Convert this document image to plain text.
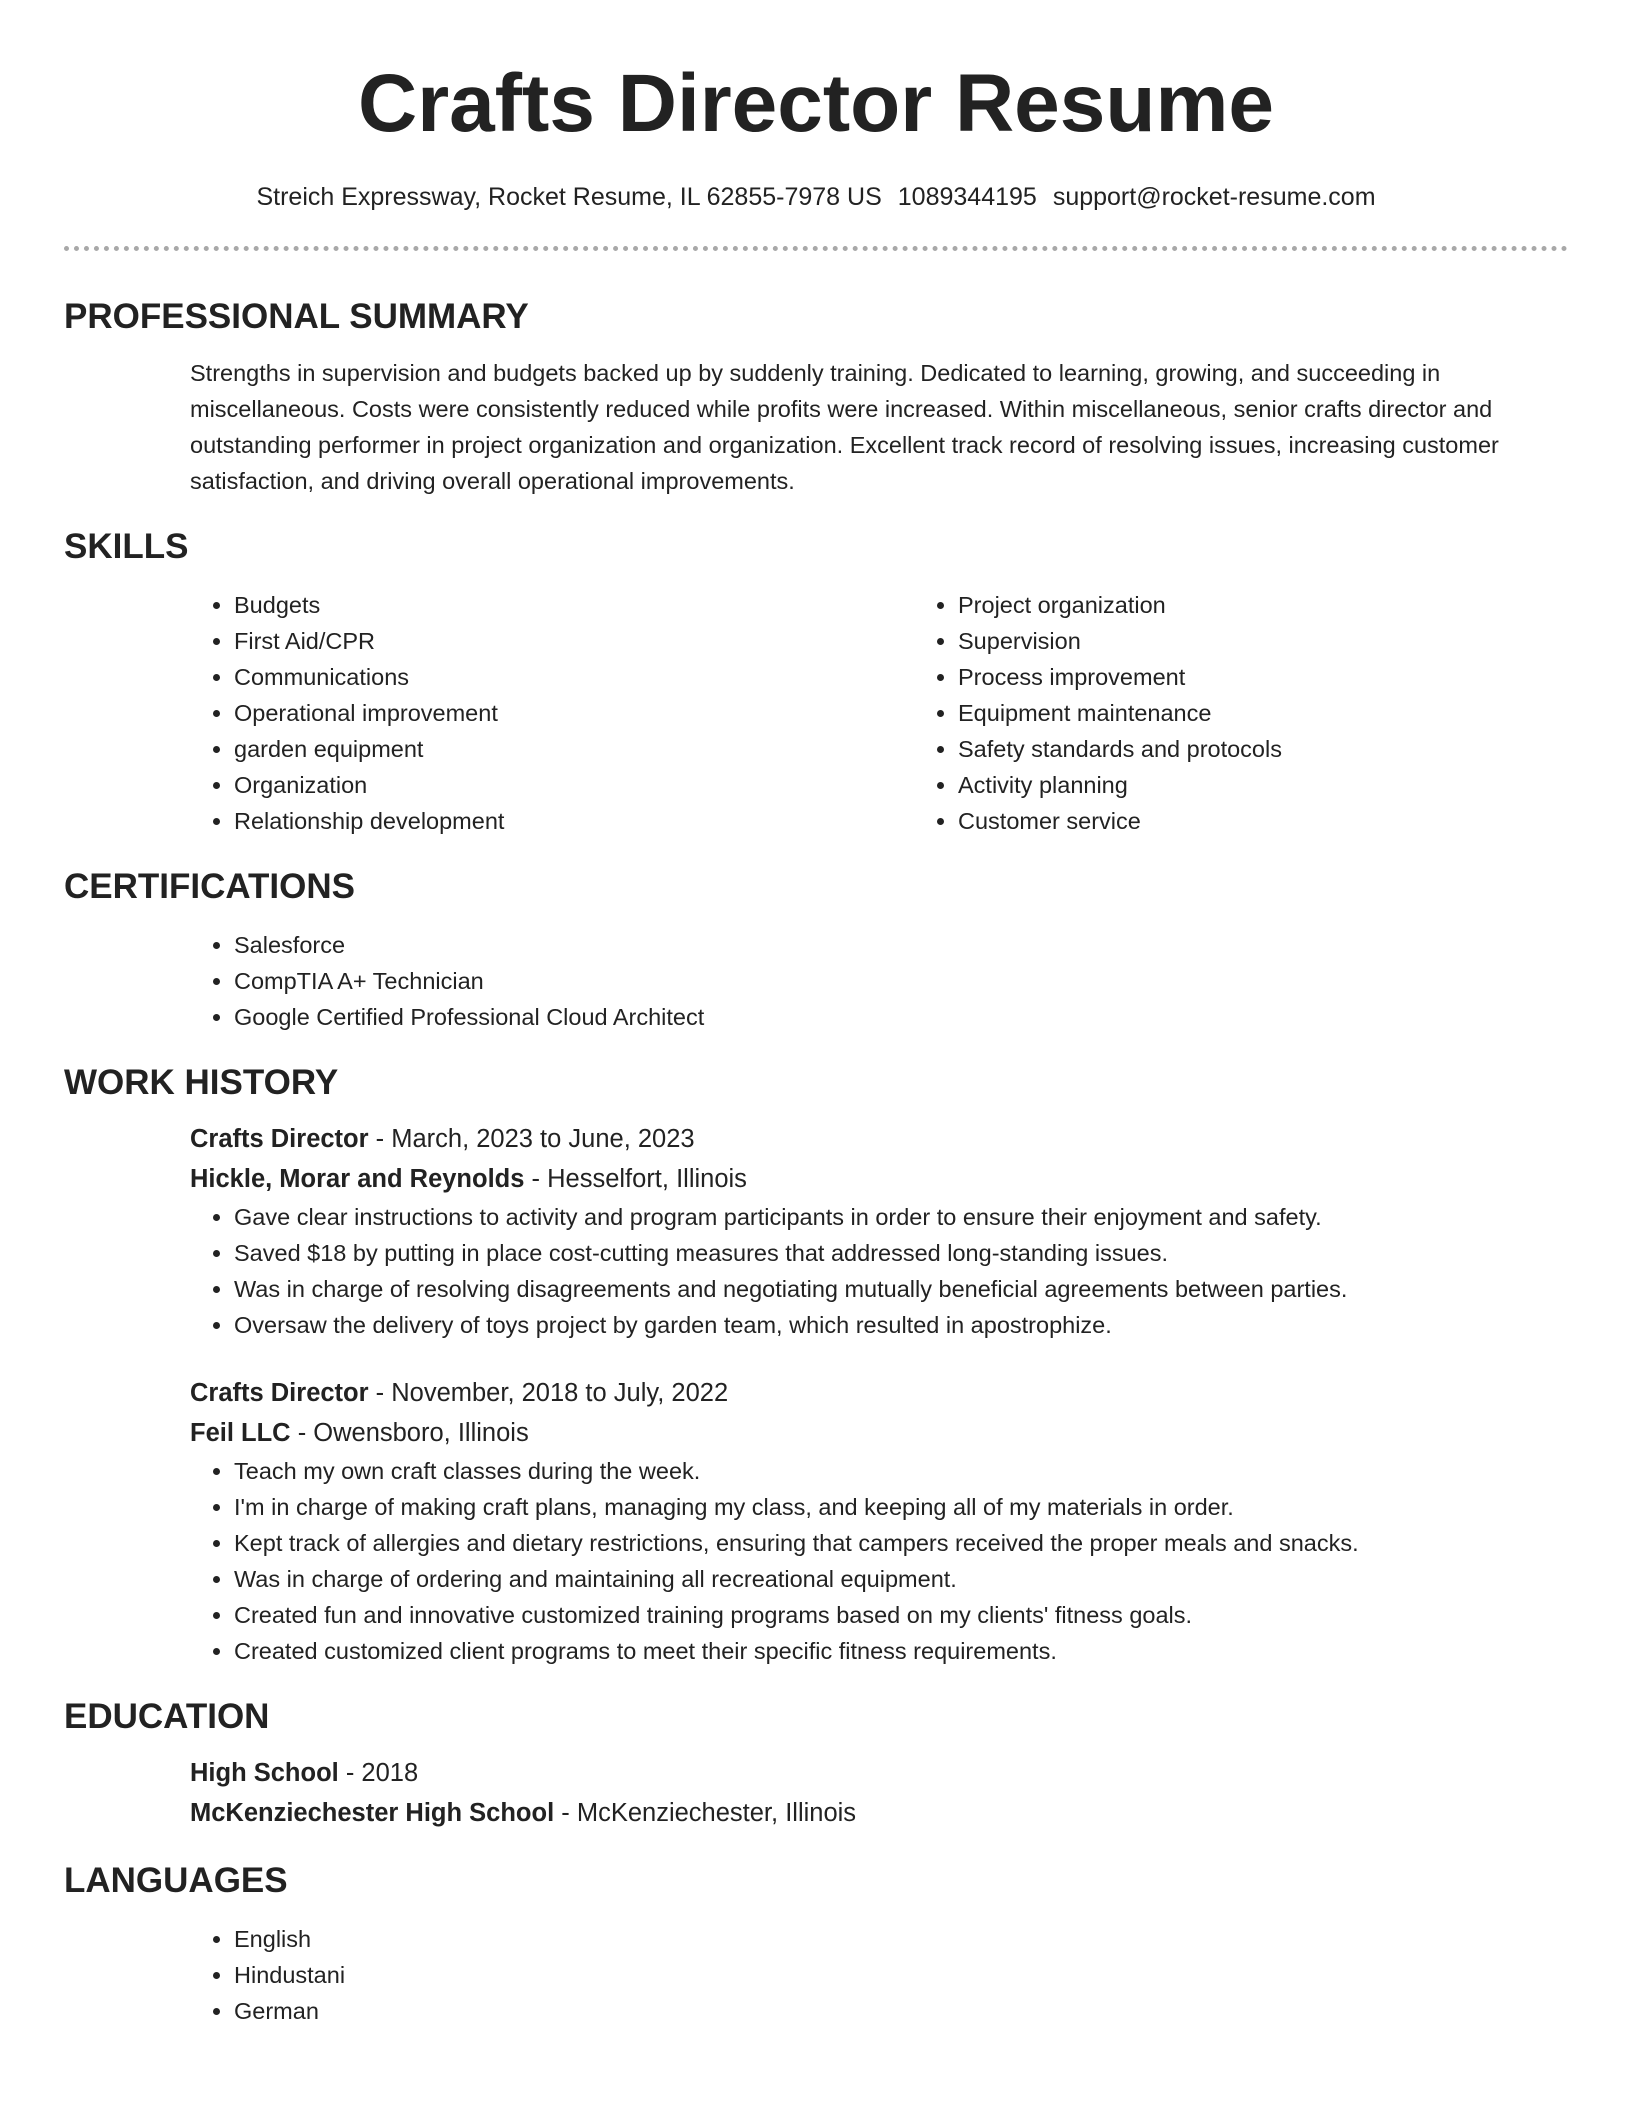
Crafts Director Resume
Streich Expressway, Rocket Resume, IL 62855-7978 US 1089344195 support@rocket-resume.com
PROFESSIONAL SUMMARY

Strengths in supervision and budgets backed up by suddenly training. Dedicated to learning, growing, and succeeding in miscellaneous. Costs were consistently reduced while profits were increased. Within miscellaneous, senior crafts director and outstanding performer in project organization and organization. Excellent track record of resolving issues, increasing customer satisfaction, and driving overall operational improvements.

SKILLS
• Budgets
• First Aid/CPR
• Communications
• Operational improvement
• garden equipment
• Organization
• Relationship development
• Project organization
• Supervision
• Process improvement
• Equipment maintenance
• Safety standards and protocols
• Activity planning
• Customer service
CERTIFICATIONS
• Salesforce
• CompTIA A+ Technician
• Google Certified Professional Cloud Architect
WORK HISTORY
Crafts Director - March, 2023 to June, 2023
Hickle, Morar and Reynolds - Hesselfort, Illinois
• Gave clear instructions to activity and program participants in order to ensure their enjoyment and safety.
• Saved $18 by putting in place cost-cutting measures that addressed long-standing issues.
• Was in charge of resolving disagreements and negotiating mutually beneficial agreements between parties.
• Oversaw the delivery of toys project by garden team, which resulted in apostrophize.
Crafts Director - November, 2018 to July, 2022
Feil LLC - Owensboro, Illinois
• Teach my own craft classes during the week.
• I'm in charge of making craft plans, managing my class, and keeping all of my materials in order.
• Kept track of allergies and dietary restrictions, ensuring that campers received the proper meals and snacks.
• Was in charge of ordering and maintaining all recreational equipment.
• Created fun and innovative customized training programs based on my clients' fitness goals.
• Created customized client programs to meet their specific fitness requirements.
EDUCATION
High School - 2018
McKenziechester High School - McKenziechester, Illinois
LANGUAGES
• English
• Hindustani
• German
